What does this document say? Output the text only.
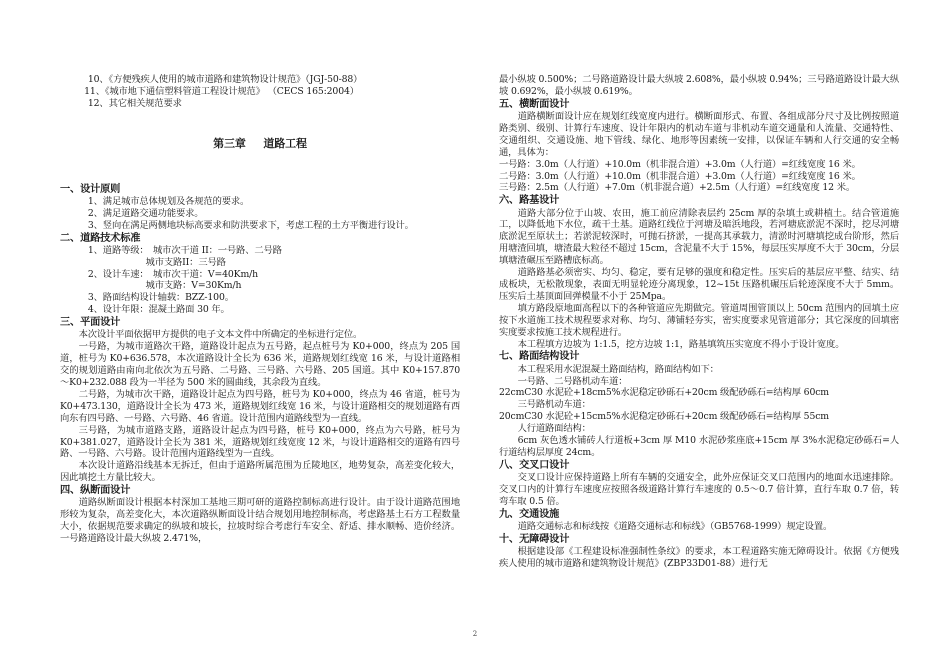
10、《方便残疾人使用的城市道路和建筑物设计规范》（JGJ-50-88）

11、《城市地下通信塑料管道工程设计规范》 （CECS 165:2004）

12、其它相关规范要求

第三章 道路工程
一、设计原则

1、满足城市总体规划及各规范的要求。

2、满足道路交通功能要求。

3、竖向在满足两侧地块标高要求和防洪要求下，考虑工程的土方平衡进行设计。

二、道路技术标准

1、道路等级：　城市次干道 II：一号路、二号路

城市支路II：三号路

2、设计车速：　城市次干道：V=40Km/h

城市支路：V=30Km/h

3、路面结构设计轴载：BZZ-100。

4、设计年限：混凝土路面 30 年。

三、平面设计

本次设计平面依据甲方提供的电子文本文件中所确定的坐标进行定位。

一号路，为城市道路次干路，道路设计起点为五号路，起点桩号为 K0+000，终点为 205 国道，桩号为 K0+636.578，本次道路设计全长为 636 米，道路规划红线宽 16 米，与设计道路相交的规划道路由南向北依次为五号路、二号路、三号路、六号路、205 国道。其中 K0+157.870～K0+232.088 段为一半径为 500 米的圆曲线，其余段为直线。

二号路，为城市次干路，道路设计起点为四号路，桩号为 K0+000，终点为 46 省道，桩号为 K0+473.130，道路设计全长为 473 米，道路规划红线宽 16 米，与设计道路相交的规划道路有西向东有四号路、一号路、六号路、46 省道。设计范围内道路线型为一直线。

三号路，为城市道路支路，道路设计起点为四号路，桩号 K0+000，终点为六号路，桩号为 K0+381.027，道路设计全长为 381 米，道路规划红线宽度 12 米，与设计道路相交的道路有四号路、一号路、六号路。设计范围内道路线型为一直线。

本次设计道路沿线基本无拆迁，但由于道路所属范围为丘陵地区，地势复杂，高差变化较大，因此填挖土方量比较大。

四、纵断面设计

道路纵断面设计根据本村深加工基地三期可研的道路控制标高进行设计。由于设计道路范围地形较为复杂，高差变化大，本次道路纵断面设计结合规划用地控制标高，考虑路基土石方工程数量大小，依据规范要求确定的纵坡和坡长，拉坡时综合考虑行车安全、舒适、排水顺畅、造价经济。一号路道路设计最大纵坡 2.471%，

最小纵坡 0.500%；二号路道路设计最大纵坡 2.608%，最小纵坡 0.94%；三号路道路设计最大纵坡 0.692%，最小纵坡 0.619%。

五、横断面设计

道路横断面设计应在规划红线宽度内进行。横断面形式、布置、各组成部分尺寸及比例按照道路类别、级别、计算行车速度、设计年限内的机动车道与非机动车道交通量和人流量、交通特性、交通组织、交通设施、地下管线、绿化、地形等因素统一安排，以保证车辆和人行交通的安全畅通，具体为：

一号路：3.0m（人行道）+10.0m（机非混合道）+3.0m（人行道）=红线宽度 16 米。

二号路：3.0m（人行道）+10.0m（机非混合道）+3.0m（人行道）=红线宽度 16 米。

三号路：2.5m（人行道）+7.0m（机非混合道）+2.5m（人行道）=红线宽度 12 米。

六、路基设计

道路大部分位于山坡、农田，施工前应清除表层约 25cm 厚的杂填土或耕植土。结合管道施工，以降低地下水位，疏干土基。道路红线位于河塘及暗浜地段，若河塘底淤泥不深时，挖尽河塘底淤泥至原状土；若淤泥较深时，可抛石挤淤，一提高其承载力，清淤时河塘填挖成台阶形，然后用塘渣回填，塘渣最大粒径不超过 15cm，含泥量不大于 15%，每层压实厚度不大于 30cm，分层填塘渣碾压至路槽底标高。

道路路基必须密实、均匀、稳定，要有足够的强度和稳定性。压实后的基层应平整、结实、结成板块，无松散现象，表面无明显轮迹分离现象，12~15t 压路机碾压后轮迹深度不大于 5mm。压实后土基顶面回弹模量不小于 25Mpa。

填方路段原地面高程以下的各种管道应先期做完。管道周围管顶以上 50cm 范围内的回填土应按下水道施工技术规程要求对称、均匀、薄铺轻夯实，密实度要求见管道部分；其它深度的回填密实度要求按施工技术规程进行。

本工程填方边坡为 1:1.5，挖方边坡 1:1，路基填筑压实宽度不得小于设计宽度。

七、路面结构设计

本工程采用水泥混凝土路面结构，路面结构如下：

一号路、二号路机动车道：

22cmC30 水泥砼+18cm5%水泥稳定砂砾石+20cm 级配砂砾石=结构厚 60cm

三号路机动车道：

20cmC30 水泥砼+15cm5%水泥稳定砂砾石+20cm 级配砂砾石=结构厚 55cm

人行道路面结构：

6cm 灰色透水铺砖人行道板+3cm 厚 M10 水泥砂浆座底+15cm 厚 3%水泥稳定砂砾石=人行道结构层厚度 24cm。

八、交叉口设计

交叉口设计应保持道路上所有车辆的交通安全，此外应保证交叉口范围内的地面水迅速排除。交叉口内的计算行车速度应按照各级道路计算行车速度的 0.5～0.7 倍计算，直行车取 0.7 倍，转弯车取 0.5 倍。

九、交通设施

道路交通标志和标线按《道路交通标志和标线》（GB5768-1999）规定设置。

十、无障碍设计

根据建设部《工程建设标准强制性条纹》的要求，本工程道路实施无障碍设计。依据《方便残疾人使用的城市道路和建筑物设计规范》(ZBP33D01-88）进行无

2
